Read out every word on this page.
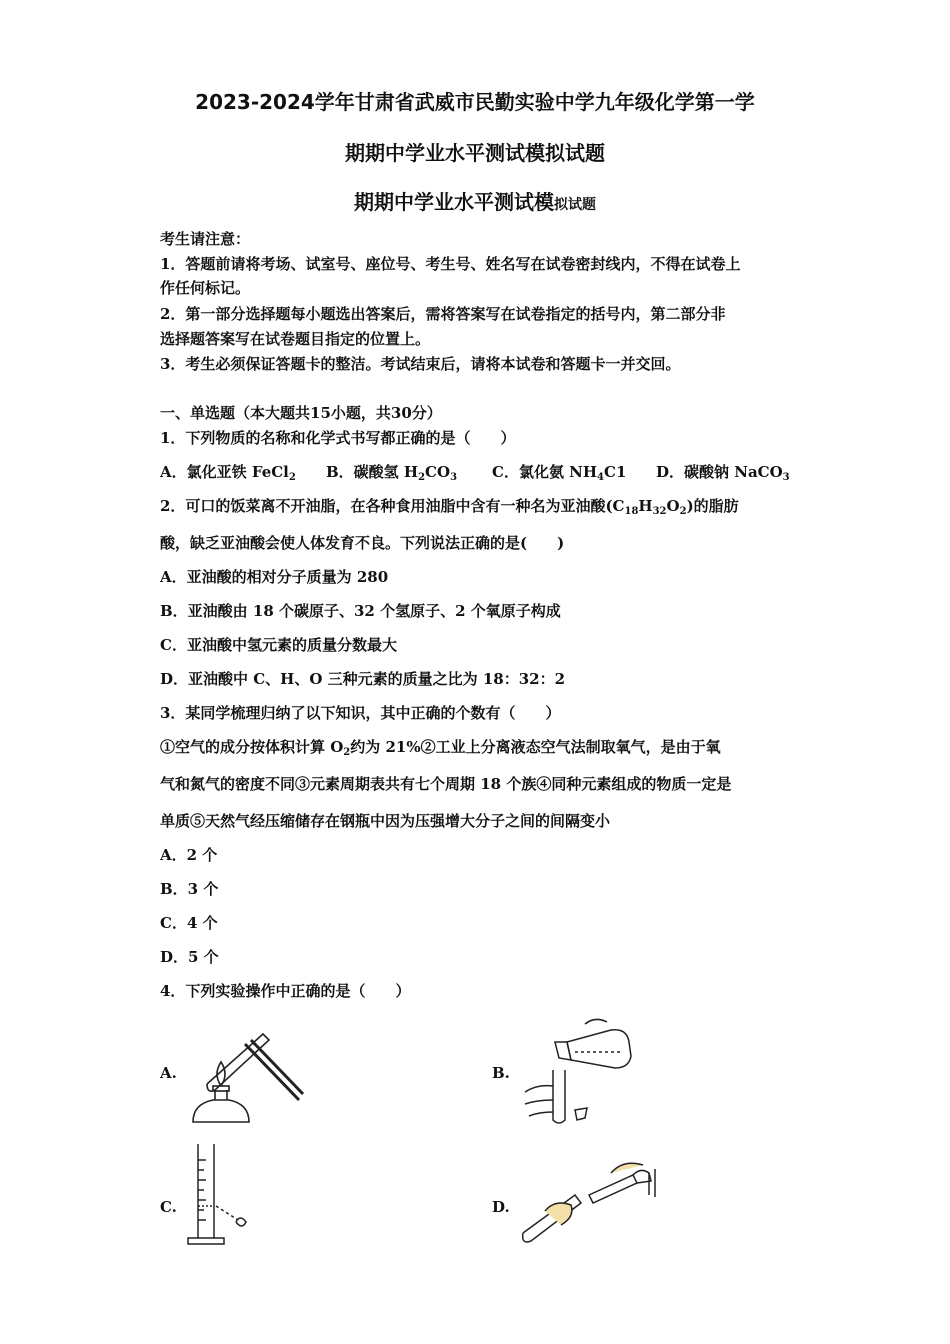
2023-2024学年甘肃省武威市民勤实验中学九年级化学第一学
期期中学业水平测试模拟试题
期期中学业水平测试模拟试题
考生请注意：
1．答题前请将考场、试室号、座位号、考生号、姓名写在试卷密封线内，不得在试卷上
作任何标记。
2．第一部分选择题每小题选出答案后，需将答案写在试卷指定的括号内，第二部分非
选择题答案写在试卷题目指定的位置上。
3．考生必须保证答题卡的整洁。考试结束后，请将本试卷和答题卡一并交回。
一、单选题（本大题共15小题，共30分）
1．下列物质的名称和化学式书写都正确的是（　　）
A．氯化亚铁 FeCl$_2$ B．碳酸氢 $H_2CO_3$ C．氯化氨 $NH_4C1$ D．碳酸钠 NaCO$_3$
2．可口的饭菜离不开油脂，在各种食用油脂中含有一种名为亚油酸$(C_{18}H_{32}O_2)$的脂肪
酸，缺乏亚油酸会使人体发育不良。下列说法正确的是(　　)
A．亚油酸的相对分子质量为 280
B．亚油酸由 18 个碳原子、32 个氢原子、2 个氧原子构成
C．亚油酸中氢元素的质量分数最大
D．亚油酸中 C、H、O 三种元素的质量之比为 18：32：2
3．某同学梳理归纳了以下知识，其中正确的个数有（　　）
①空气的成分按体积计算 $O_2$约为 21%②工业上分离液态空气法制取氧气，是由于氧
气和氮气的密度不同③元素周期表共有七个周期 18 个族④同种元素组成的物质一定是
单质⑤天然气经压缩储存在钢瓶中因为压强增大分子之间的间隔变小
A．2 个
B．3 个
C．4 个
D．5 个
4．下列实验操作中正确的是（　　）
A.	B.
C.	D.
